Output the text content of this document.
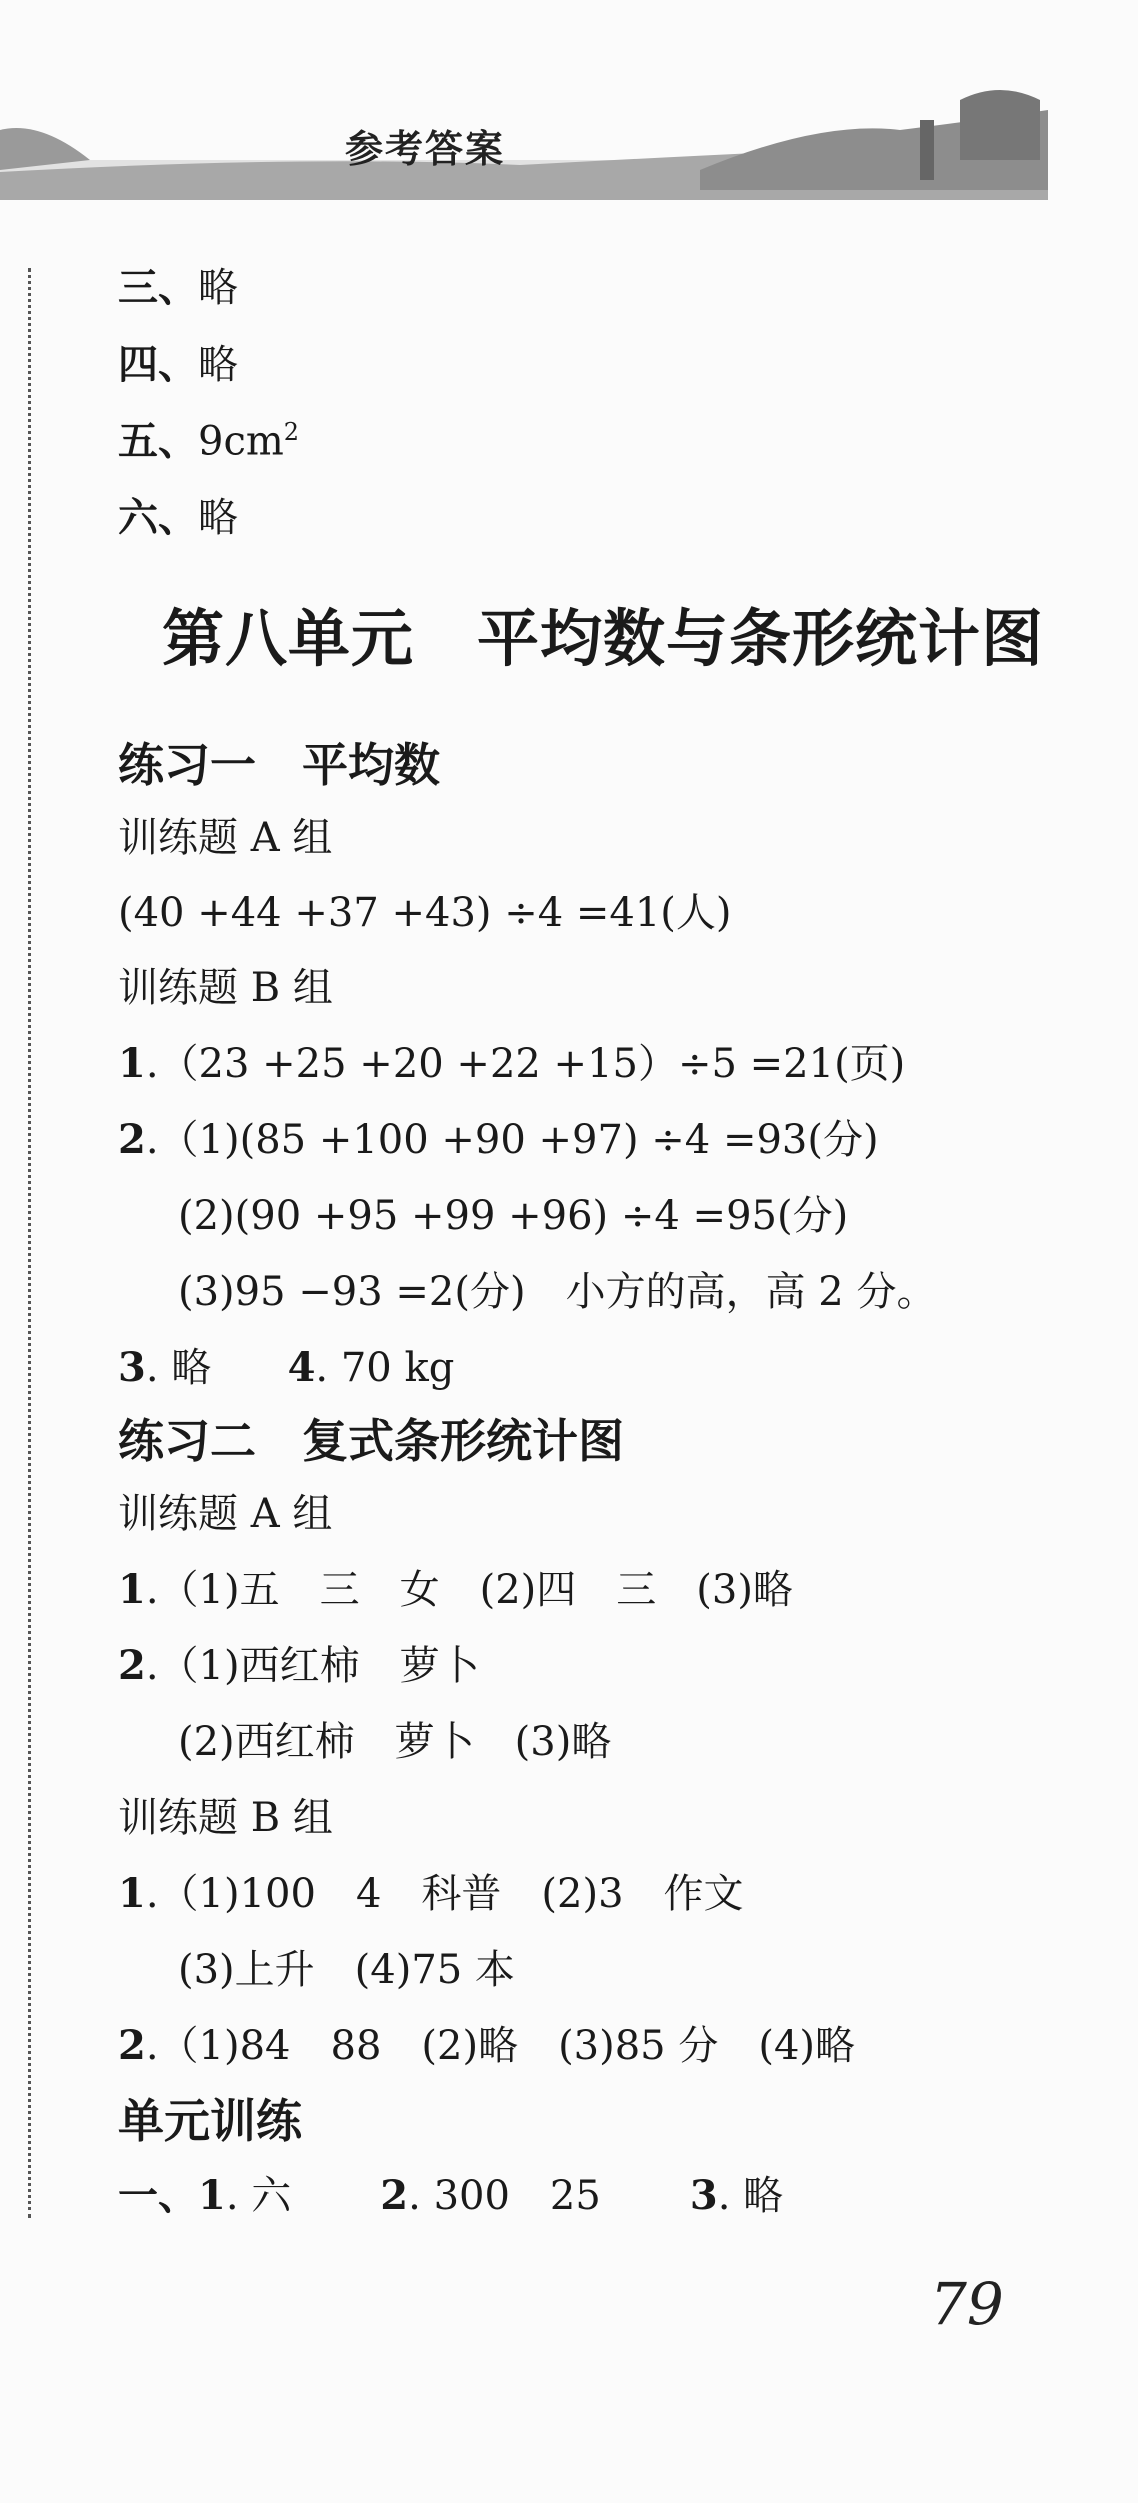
参考答案
三、略
四、略
五、$9cm^2$
六、略
第八单元　平均数与条形统计图
练习一　平均数
训练题 A 组
(40 +44 +37 +43) ÷4 =41(人)
训练题 B 组
1.（23 +25 +20 +22 +15）÷5 =21(页)
2.（1)(85 +100 +90 +97) ÷4 =93(分)
(2)(90 +95 +99 +96) ÷4 =95(分)
(3)95 −93 =2(分)　小方的高，高 2 分。
3. 略 4. 70 kg
练习二　复式条形统计图
训练题 A 组
1.（1)五　三　女　(2)四　三　(3)略
2.（1)西红柿　萝卜
(2)西红柿　萝卜　(3)略
训练题 B 组
1.（1)100　4　科普　(2)3　作文
(3)上升　(4)75 本
2.（1)84　88　(2)略　(3)85 分　(4)略
单元训练
一、1. 六 2. 300　25 3. 略
79
